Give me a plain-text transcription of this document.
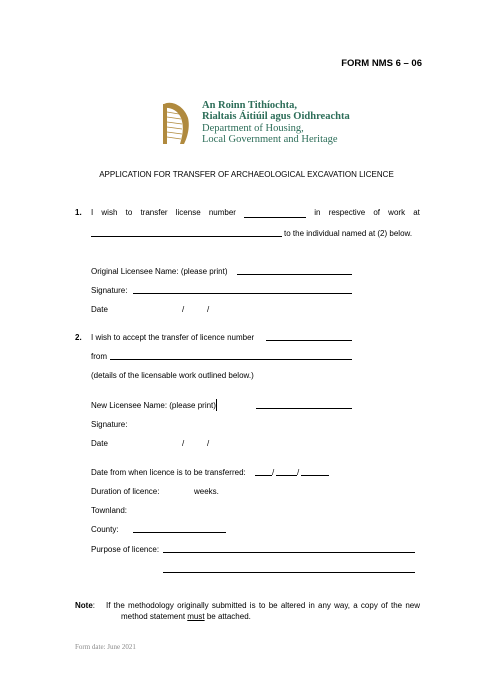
FORM NMS 6 – 06
An Roinn Tithíochta,
Rialtais Áitiúil agus Oidhreachta
Department of Housing,
Local Government and Heritage
APPLICATION FOR TRANSFER OF ARCHAEOLOGICAL EXCAVATION LICENCE
1. I wish to transfer license number	in respective of work at
to the individual named at (2) below.
Original Licensee Name: (please print)
Signature:
Date	/	/
2. I wish to accept the transfer of licence number
from
(details of the licensable work outlined below.)
New Licensee Name: (please print)
Signature:
Date	/	/
Date from when licence is to be transferred:	/	/
Duration of licence:	weeks.
Townland:
County:
Purpose of licence:
Note: If the methodology originally submitted is to be altered in any way, a copy of the new
method statement must be attached.
Form date: June 2021
